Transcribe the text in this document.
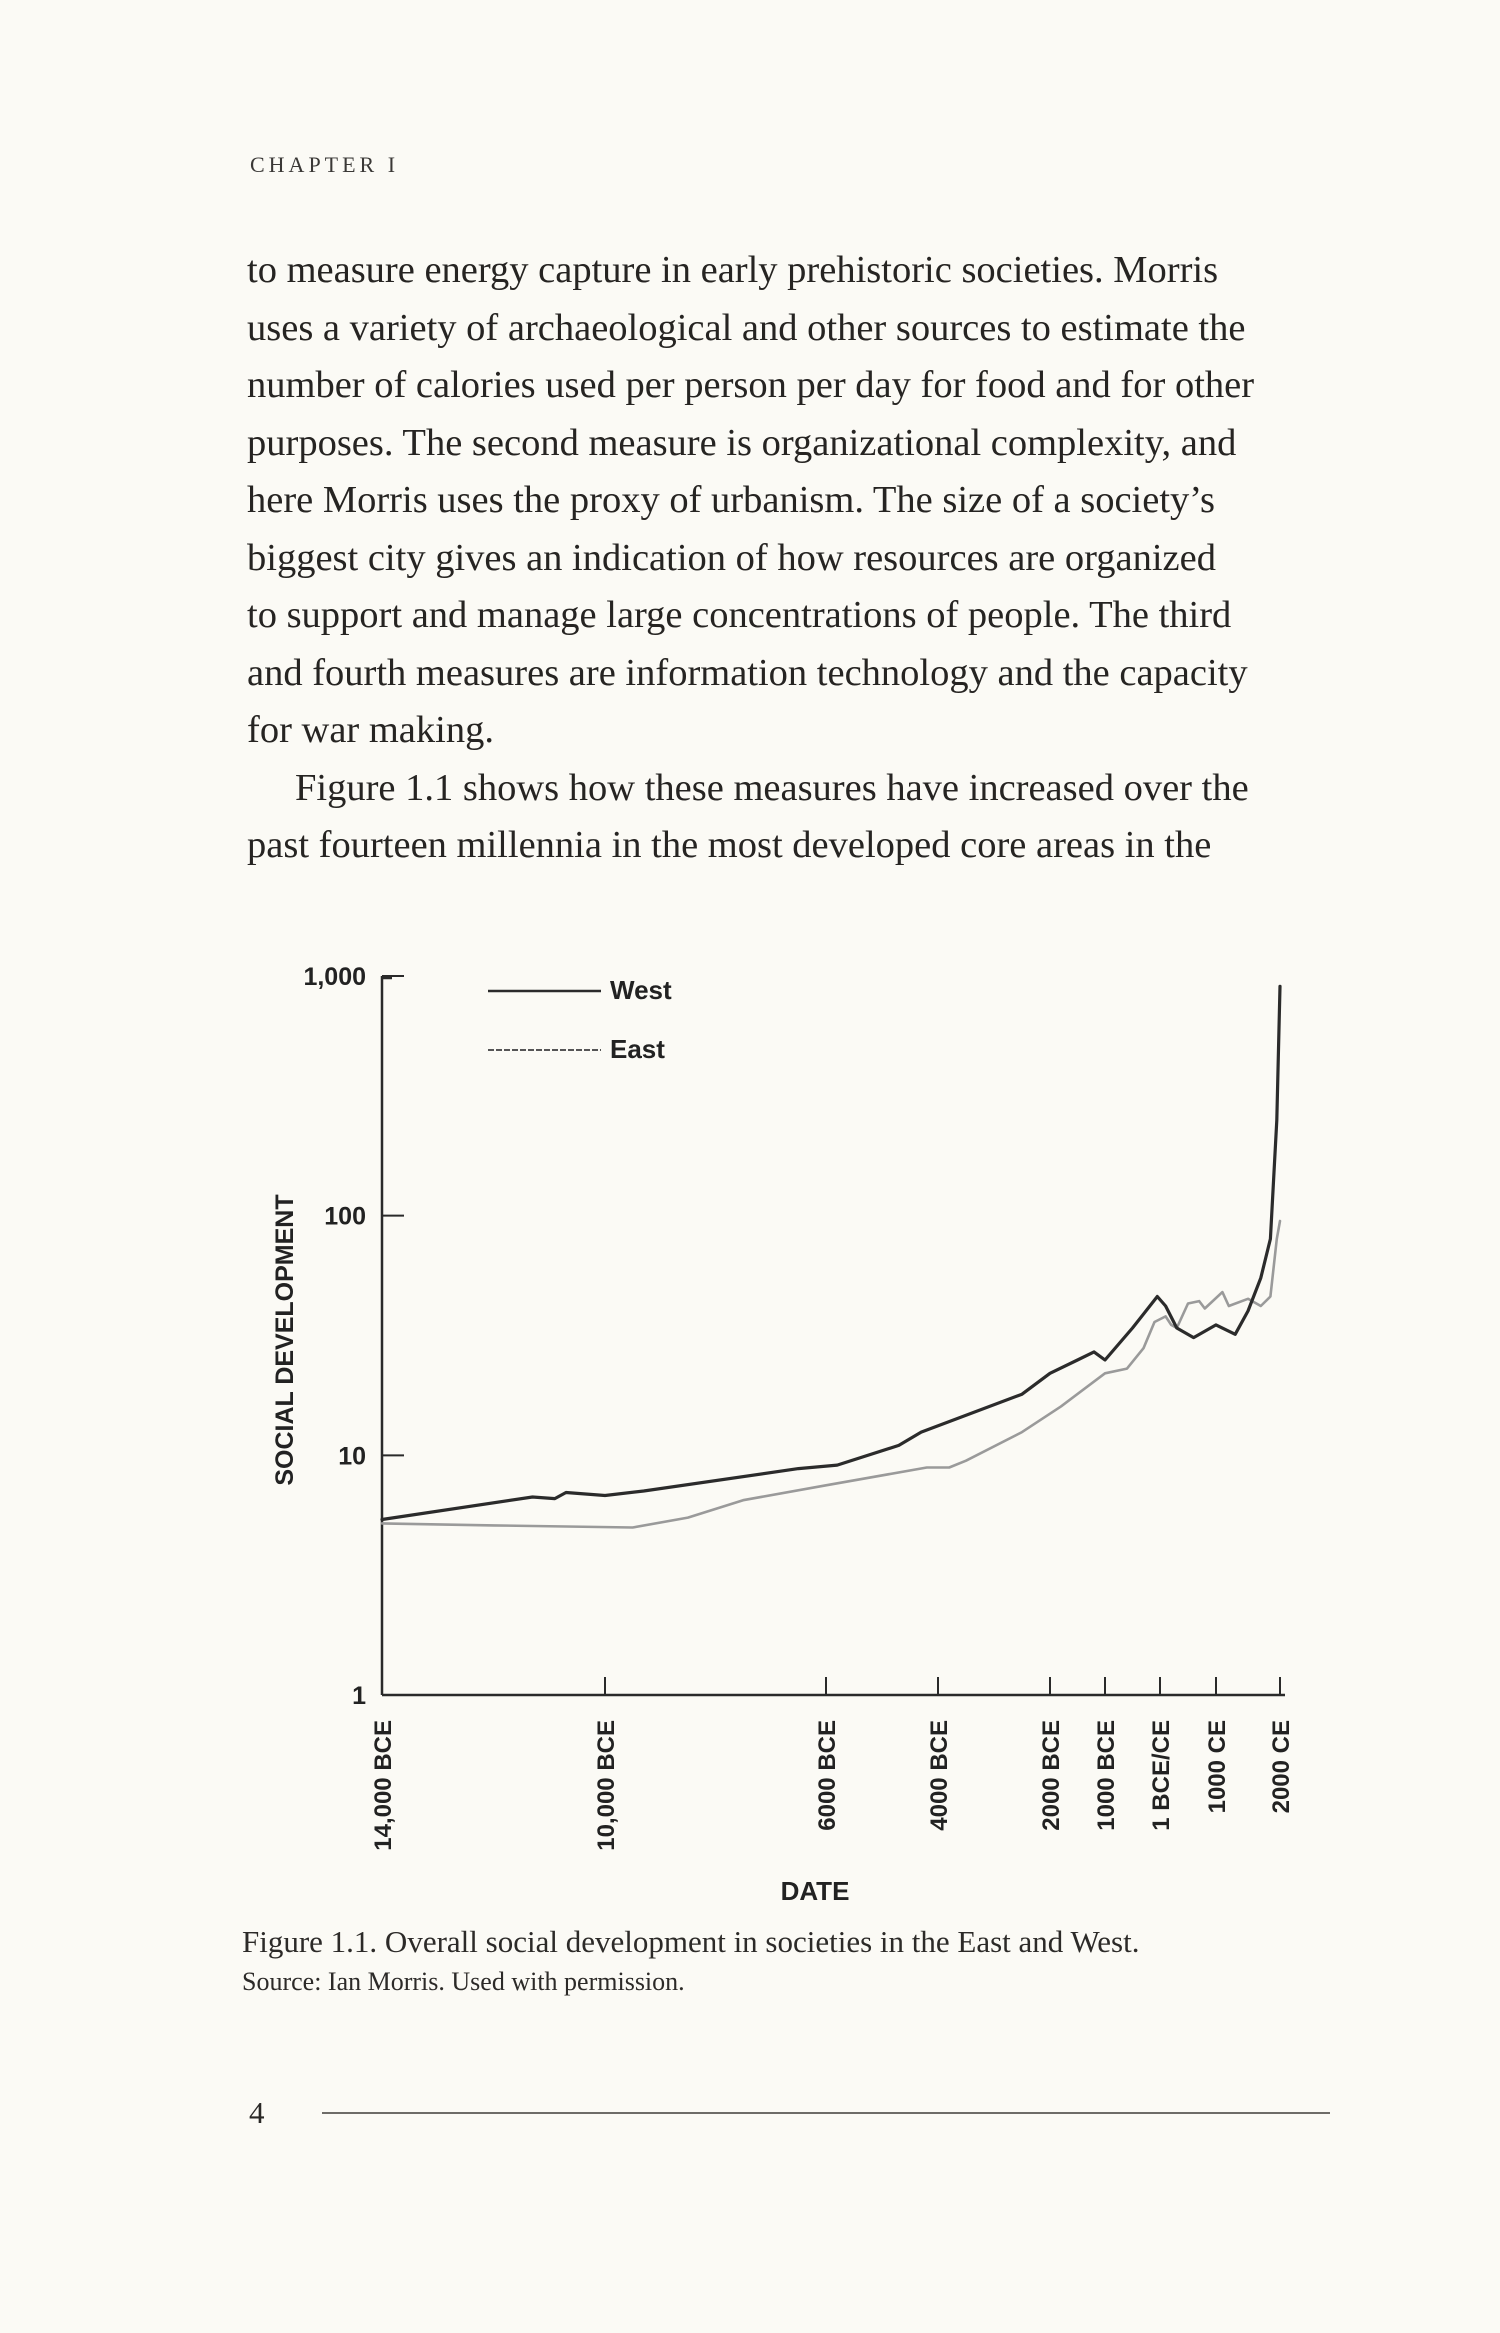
CHAPTER I
to measure energy capture in early prehistoric societies. Morris
uses a variety of archaeological and other sources to estimate the
number of calories used per person per day for food and for other
purposes. The second measure is organizational complexity, and
here Morris uses the proxy of urbanism. The size of a society’s
biggest city gives an indication of how resources are organized
to support and manage large concentrations of people. The third
and fourth measures are information technology and the capacity
for war making.
Figure 1.1 shows how these measures have increased over the
past fourteen millennia in the most developed core areas in the
1
10
100
1,000
14,000 BCE	10,000 BCE	6000 BCE	4000 BCE	2000 BCE 1000 BCE 1 BCE/CE 1000 CE 2000 CE
SOCIAL DEVELOPMENT
DATE
West
East
Figure 1.1. Overall social development in societies in the East and West.
Source: Ian Morris. Used with permission.
4
